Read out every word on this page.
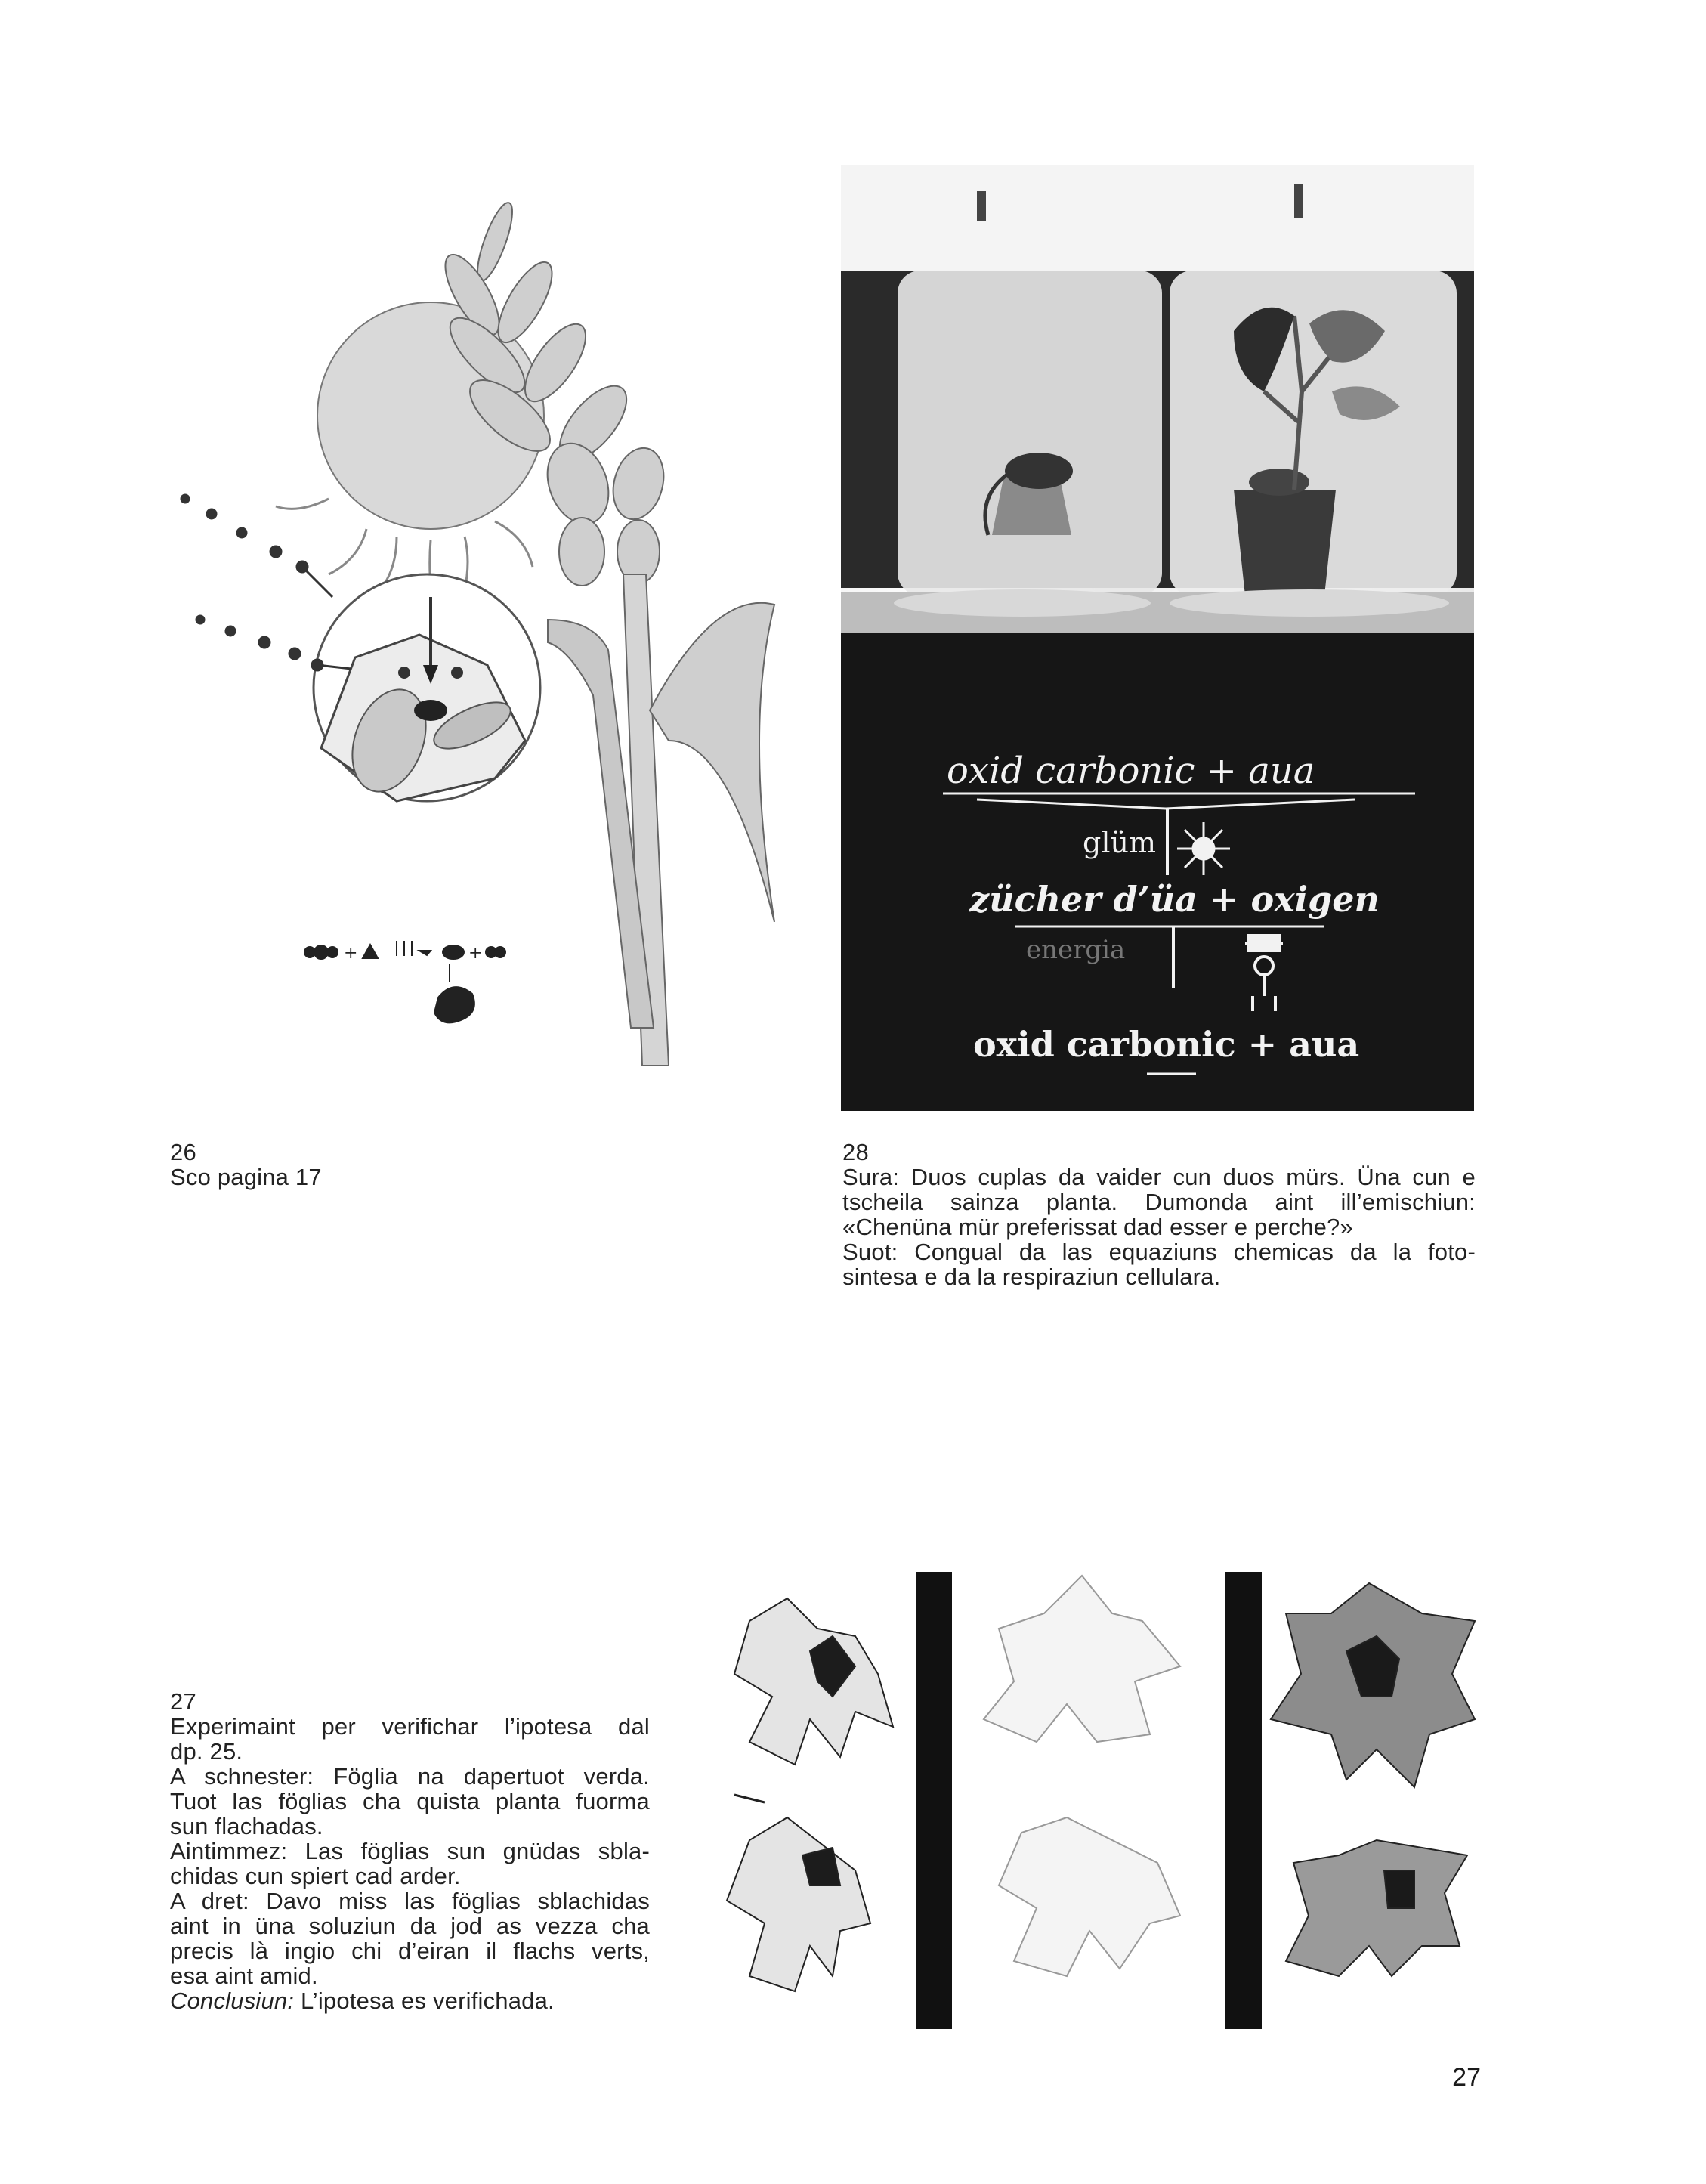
+	+

26

Sco pagina 17

oxid carbonic + aua
glüm
zücher d’üa + oxigen
energia
oxid carbonic + aua

28

Sura: Duos cuplas da vaider cun duos mürs. Üna cun e

tscheila sainza planta. Dumonda aint ill’emischiun:

«Chenüna mür preferissat dad esser e perche?»

Suot: Congual da las equaziuns chemicas da la foto-

sintesa e da la respiraziun cellulara.

27

Experimaint per verifichar l’ipotesa dal

dp. 25.

A schnester: Föglia na dapertuot verda.

Tuot las föglias cha quista planta fuorma

sun flachadas.

Aintimmez: Las föglias sun gnüdas sbla-

chidas cun spiert cad arder.

A dret: Davo miss las föglias sblachidas

aint in üna soluziun da jod as vezza cha

precis là ingio chi d’eiran il flachs verts,

esa aint amid.

Conclusiun: L’ipotesa es verifichada.

27
